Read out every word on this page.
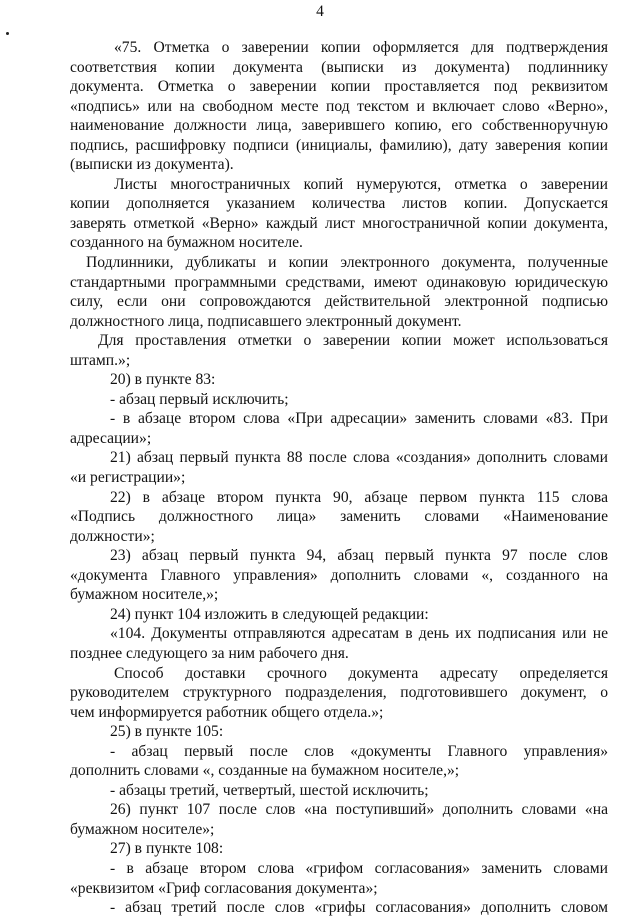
4
«75. Отметка о заверении копии оформляется для подтверждения
соответствия копии документа (выписки из документа) подлиннику
документа. Отметка о заверении копии проставляется под реквизитом
«подпись» или на свободном месте под текстом и включает слово «Верно»,
наименование должности лица, заверившего копию, его собственноручную
подпись, расшифровку подписи (инициалы, фамилию), дату заверения копии
(выписки из документа).
Листы многостраничных копий нумеруются, отметка о заверении
копии дополняется указанием количества листов копии. Допускается
заверять отметкой «Верно» каждый лист многостраничной копии документа,
созданного на бумажном носителе.
Подлинники, дубликаты и копии электронного документа, полученные
стандартными программными средствами, имеют одинаковую юридическую
силу, если они сопровождаются действительной электронной подписью
должностного лица, подписавшего электронный документ.
Для проставления отметки о заверении копии может использоваться
штамп.»;
20) в пункте 83:
- абзац первый исключить;
- в абзаце втором слова «При адресации» заменить словами «83. При
адресации»;
21) абзац первый пункта 88 после слова «создания» дополнить словами
«и регистрации»;
22) в абзаце втором пункта 90, абзаце первом пункта 115 слова
«Подпись должностного лица» заменить словами «Наименование
должности»;
23) абзац первый пункта 94, абзац первый пункта 97 после слов
«документа Главного управления» дополнить словами «, созданного на
бумажном носителе,»;
24) пункт 104 изложить в следующей редакции:
«104. Документы отправляются адресатам в день их подписания или не
позднее следующего за ним рабочего дня.
Способ доставки срочного документа адресату определяется
руководителем структурного подразделения, подготовившего документ, о
чем информируется работник общего отдела.»;
25) в пункте 105:
- абзац первый после слов «документы Главного управления»
дополнить словами «, созданные на бумажном носителе,»;
- абзацы третий, четвертый, шестой исключить;
26) пункт 107 после слов «на поступивший» дополнить словами «на
бумажном носителе»;
27) в пункте 108:
- в абзаце втором слова «грифом согласования» заменить словами
«реквизитом «Гриф согласования документа»;
- абзац третий после слов «грифы согласования» дополнить словом
